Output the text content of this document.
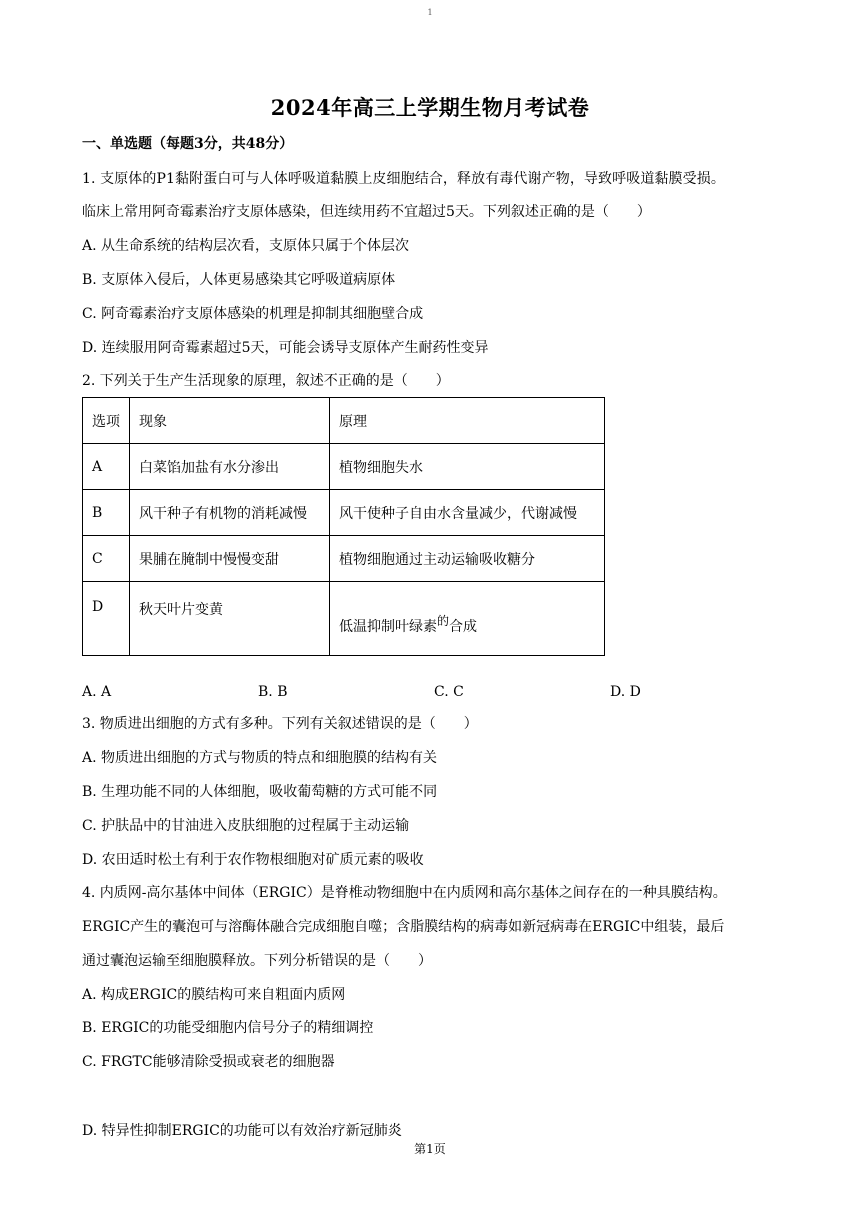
1
2024年高三上学期生物月考试卷
一、单选题（每题3分，共48分）
1. 支原体的P1黏附蛋白可与人体呼吸道黏膜上皮细胞结合，释放有毒代谢产物，导致呼吸道黏膜受损。
临床上常用阿奇霉素治疗支原体感染，但连续用药不宜超过5天。下列叙述正确的是（　　）
A. 从生命系统的结构层次看，支原体只属于个体层次
B. 支原体入侵后，人体更易感染其它呼吸道病原体
C. 阿奇霉素治疗支原体感染的机理是抑制其细胞壁合成
D. 连续服用阿奇霉素超过5天，可能会诱导支原体产生耐药性变异
2. 下列关于生产生活现象的原理，叙述不正确的是（　　）
选项	现象	原理
A	白菜馅加盐有水分渗出	植物细胞失水
B	风干种子有机物的消耗减慢	风干使种子自由水含量减少，代谢减慢
C	果脯在腌制中慢慢变甜	植物细胞通过主动运输吸收糖分
D	秋天叶片变黄	低温抑制叶绿素的合成
A. A	B. B	C. C	D. D
3. 物质进出细胞的方式有多种。下列有关叙述错误的是（　　）
A. 物质进出细胞的方式与物质的特点和细胞膜的结构有关
B. 生理功能不同的人体细胞，吸收葡萄糖的方式可能不同
C. 护肤品中的甘油进入皮肤细胞的过程属于主动运输
D. 农田适时松土有利于农作物根细胞对矿质元素的吸收
4. 内质网-高尔基体中间体（ERGIC）是脊椎动物细胞中在内质网和高尔基体之间存在的一种具膜结构。
ERGIC产生的囊泡可与溶酶体融合完成细胞自噬；含脂膜结构的病毒如新冠病毒在ERGIC中组装，最后
通过囊泡运输至细胞膜释放。下列分析错误的是（　　）
A. 构成ERGIC的膜结构可来自粗面内质网
B. ERGIC的功能受细胞内信号分子的精细调控
C. FRGTC能够清除受损或衰老的细胞器
D. 特异性抑制ERGIC的功能可以有效治疗新冠肺炎
第1页
